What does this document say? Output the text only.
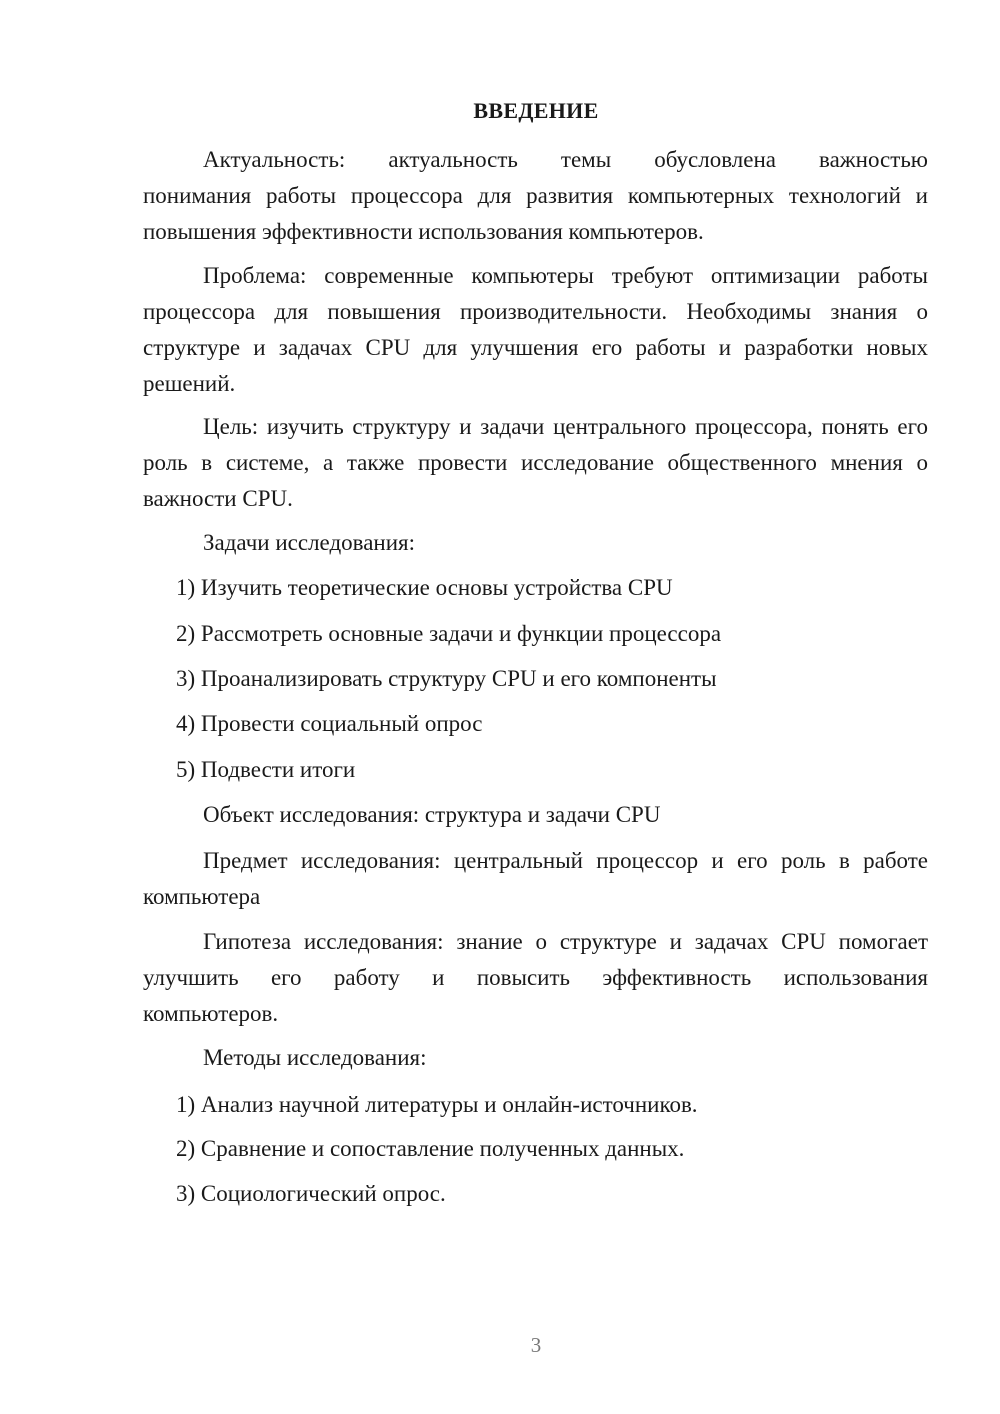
ВВЕДЕНИЕ

Актуальность: актуальность темы обусловлена важностью

понимания работы процессора для развития компьютерных технологий и повышения эффективности использования компьютеров.

Проблема: современные компьютеры требуют оптимизации работы процессора для повышения производительности. Необходимы знания о структуре и задачах CPU для улучшения его работы и разработки новых решений.

Цель: изучить структуру и задачи центрального процессора, понять его роль в системе, а также провести исследование общественного мнения о важности CPU.

Задачи исследования:

1) Изучить теоретические основы устройства CPU

2) Рассмотреть основные задачи и функции процессора

3) Проанализировать структуру CPU и его компоненты

4) Провести социальный опрос

5) Подвести итоги

Объект исследования: структура и задачи CPU

Предмет исследования: центральный процессор и его роль в работе компьютера

Гипотеза исследования: знание о структуре и задачах CPU помогает улучшить его работу и повысить эффективность использования

компьютеров.

Методы исследования:

1) Анализ научной литературы и онлайн-источников.

2) Сравнение и сопоставление полученных данных.

3) Социологический опрос.

3
